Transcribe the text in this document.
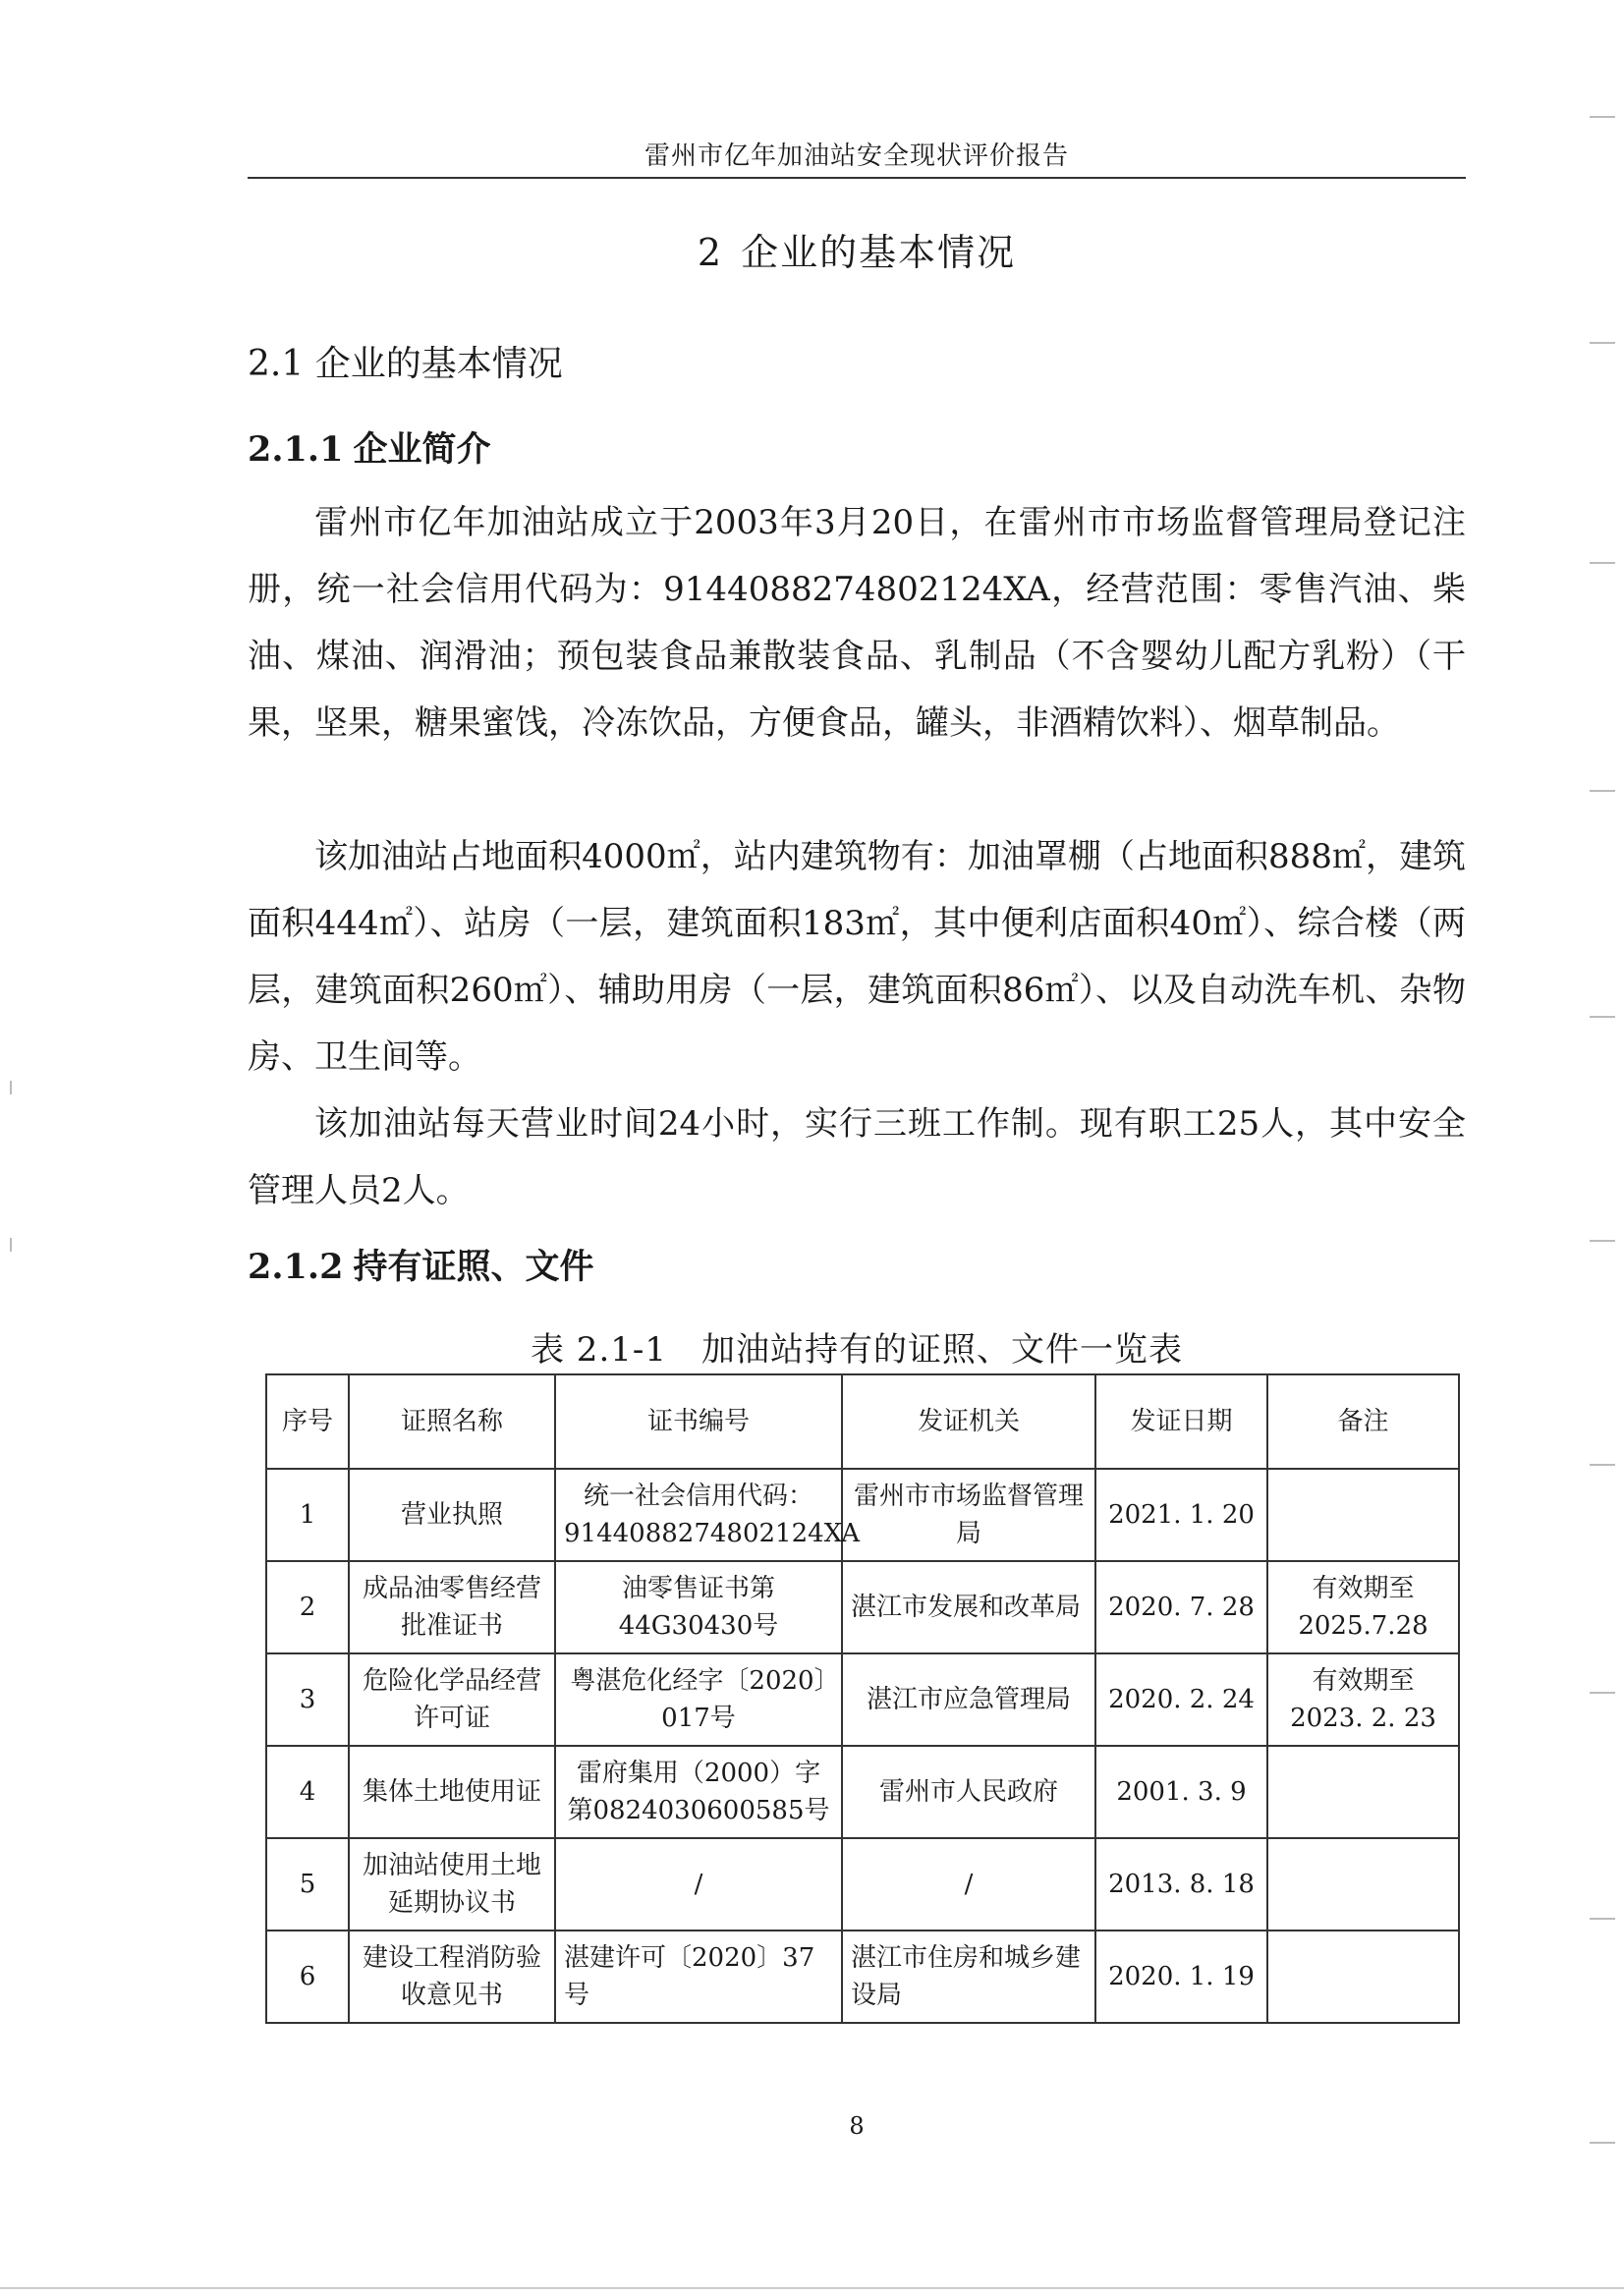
雷州市亿年加油站安全现状评价报告
2 企业的基本情况
2.1 企业的基本情况
2.1.1 企业简介

雷州市亿年加油站成立于2003年3月20日，在雷州市市场监督管理局登记注册，统一社会信用代码为：9144088274802124XA，经营范围：零售汽油、柴油、煤油、润滑油；预包装食品兼散装食品、乳制品（不含婴幼儿配方乳粉）（干果，坚果，糖果蜜饯，冷冻饮品，方便食品，罐头，非酒精饮料）、烟草制品。

该加油站占地面积4000㎡，站内建筑物有：加油罩棚（占地面积888㎡，建筑面积444㎡）、站房（一层，建筑面积183㎡，其中便利店面积40㎡）、综合楼（两层，建筑面积260㎡）、辅助用房（一层，建筑面积86㎡）、以及自动洗车机、杂物房、卫生间等。

该加油站每天营业时间24小时，实行三班工作制。现有职工25人，其中安全管理人员2人。

2.1.2 持有证照、文件
表 2.1-1　加油站持有的证照、文件一览表
序号	证照名称	证书编号	发证机关	发证日期	备注
1	营业执照	统一社会信用代码：9144088274802124XA	雷州市市场监督管理局	2021. 1. 20	
2	成品油零售经营批准证书	油零售证书第44G30430号	湛江市发展和改革局	2020. 7. 28	有效期至2025.7.28
3	危险化学品经营许可证	粤湛危化经字〔2020〕017号	湛江市应急管理局	2020. 2. 24	有效期至2023. 2. 23
4	集体土地使用证	雷府集用（2000）字第0824030600585号	雷州市人民政府	2001. 3. 9	
5	加油站使用土地延期协议书	/	/	2013. 8. 18	
6	建设工程消防验收意见书	湛建许可〔2020〕37号	湛江市住房和城乡建设局	2020. 1. 19	
8
